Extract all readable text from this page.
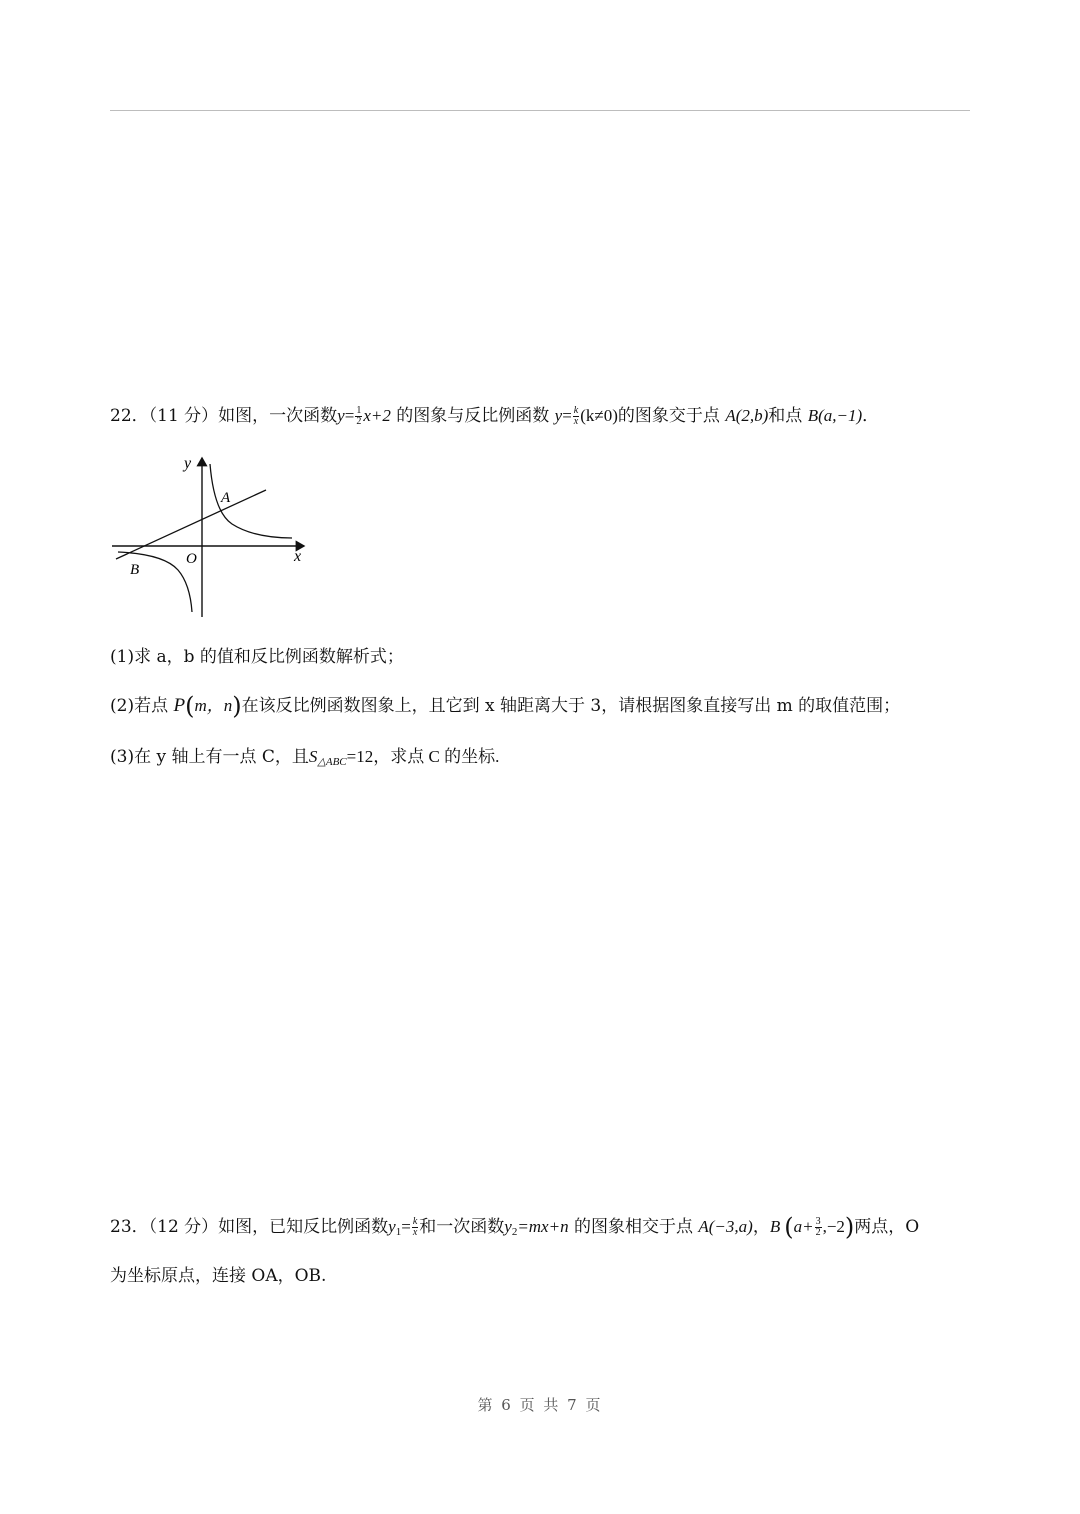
22．（11 分）如图，一次函数 $y = \frac{1}{2} x+2$ 的图象与反比例函数 $y = \frac{k}{x} (k\ne 0)$ 的图象交于点 A(2,b) 和点 B(a,−1) ．
y
x
O
A
B
(1)求 a，b 的值和反比例函数解析式；
(2)若点 P ( m，n ) 在该反比例函数图象上，且它到 x 轴距离大于 3，请根据图象直接写出 m 的取值范围；
(3)在 y 轴上有一点 C，且 S △ABC =12，求点 C 的坐标.
23．（12 分）如图，已知反比例函数 y $1 = \frac{k}{x}$ 和一次函数 y 2 =mx+n 的图象相交于点 A(−3,a) ， B ( $a+ \frac{3}{2} ,-2$ ) 两点，O
为坐标原点，连接 OA，OB.
第 6 页 共 7 页
